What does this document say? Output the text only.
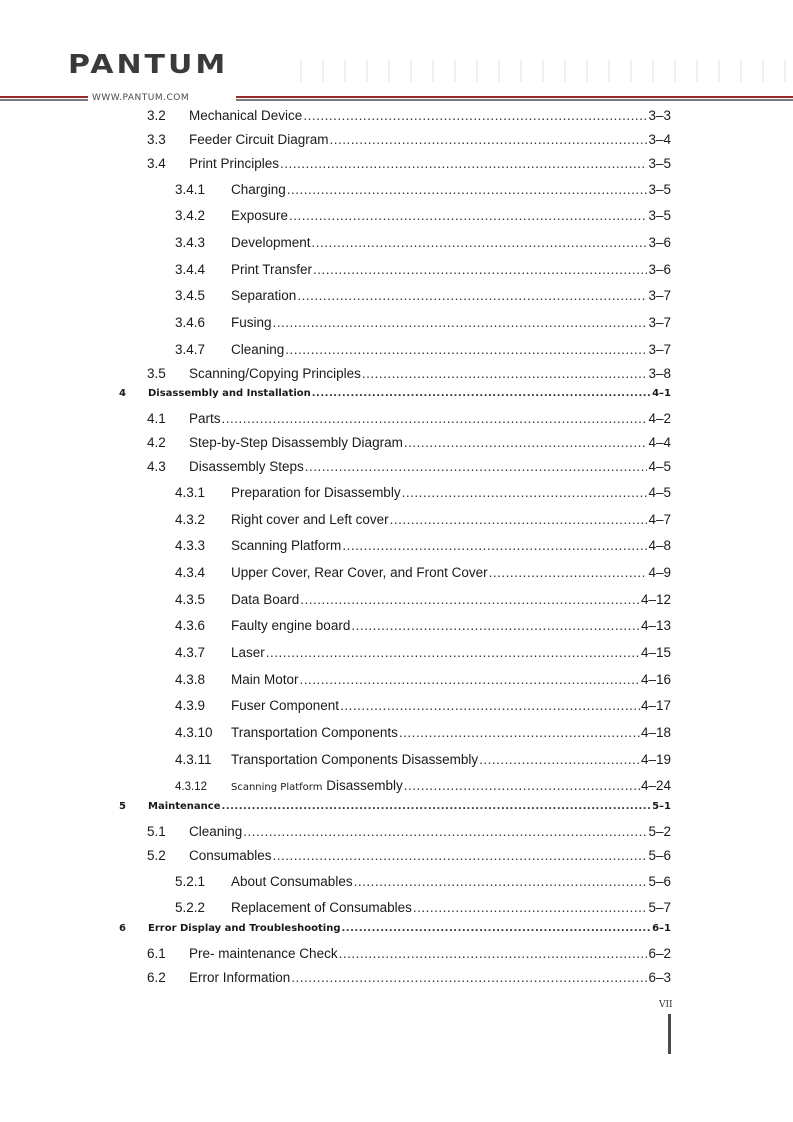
PANTUM
WWW.PANTUM.COM
3.2	Mechanical Device .....	3–3
3.3	Feeder Circuit Diagram .....	3–4
3.4	Print Principles .....	3–5
3.4.1	Charging .....	3–5
3.4.2	Exposure .....	3–5
3.4.3	Development .....	3–6
3.4.4	Print Transfer .....	3–6
3.4.5	Separation .....	3–7
3.4.6	Fusing .....	3–7
3.4.7	Cleaning .....	3–7
3.5	Scanning/Copying Principles .....	3–8
4	Disassembly and Installation .....	4–1
4.1	Parts .....	4–2
4.2	Step-by-Step Disassembly Diagram .....	4–4
4.3	Disassembly Steps .....	4–5
4.3.1	Preparation for Disassembly .....	4–5
4.3.2	Right cover and Left cover .....	4–7
4.3.3	Scanning Platform .....	4–8
4.3.4	Upper Cover, Rear Cover, and Front Cover .....	4–9
4.3.5	Data Board .....	4–12
4.3.6	Faulty engine board .....	4–13
4.3.7	Laser .....	4–15
4.3.8	Main Motor .....	4–16
4.3.9	Fuser Component .....	4–17
4.3.10	Transportation Components .....	4–18
4.3.11	Transportation Components Disassembly .....	4–19
4.3.12	Scanning Platform Disassembly .....	4–24
5	Maintenance .....	5–1
5.1	Cleaning .....	5–2
5.2	Consumables .....	5–6
5.2.1	About Consumables .....	5–6
5.2.2	Replacement of Consumables .....	5–7
6	Error Display and Troubleshooting .....	6–1
6.1	Pre- maintenance Check .....	6–2
6.2	Error Information .....	6–3
VII
